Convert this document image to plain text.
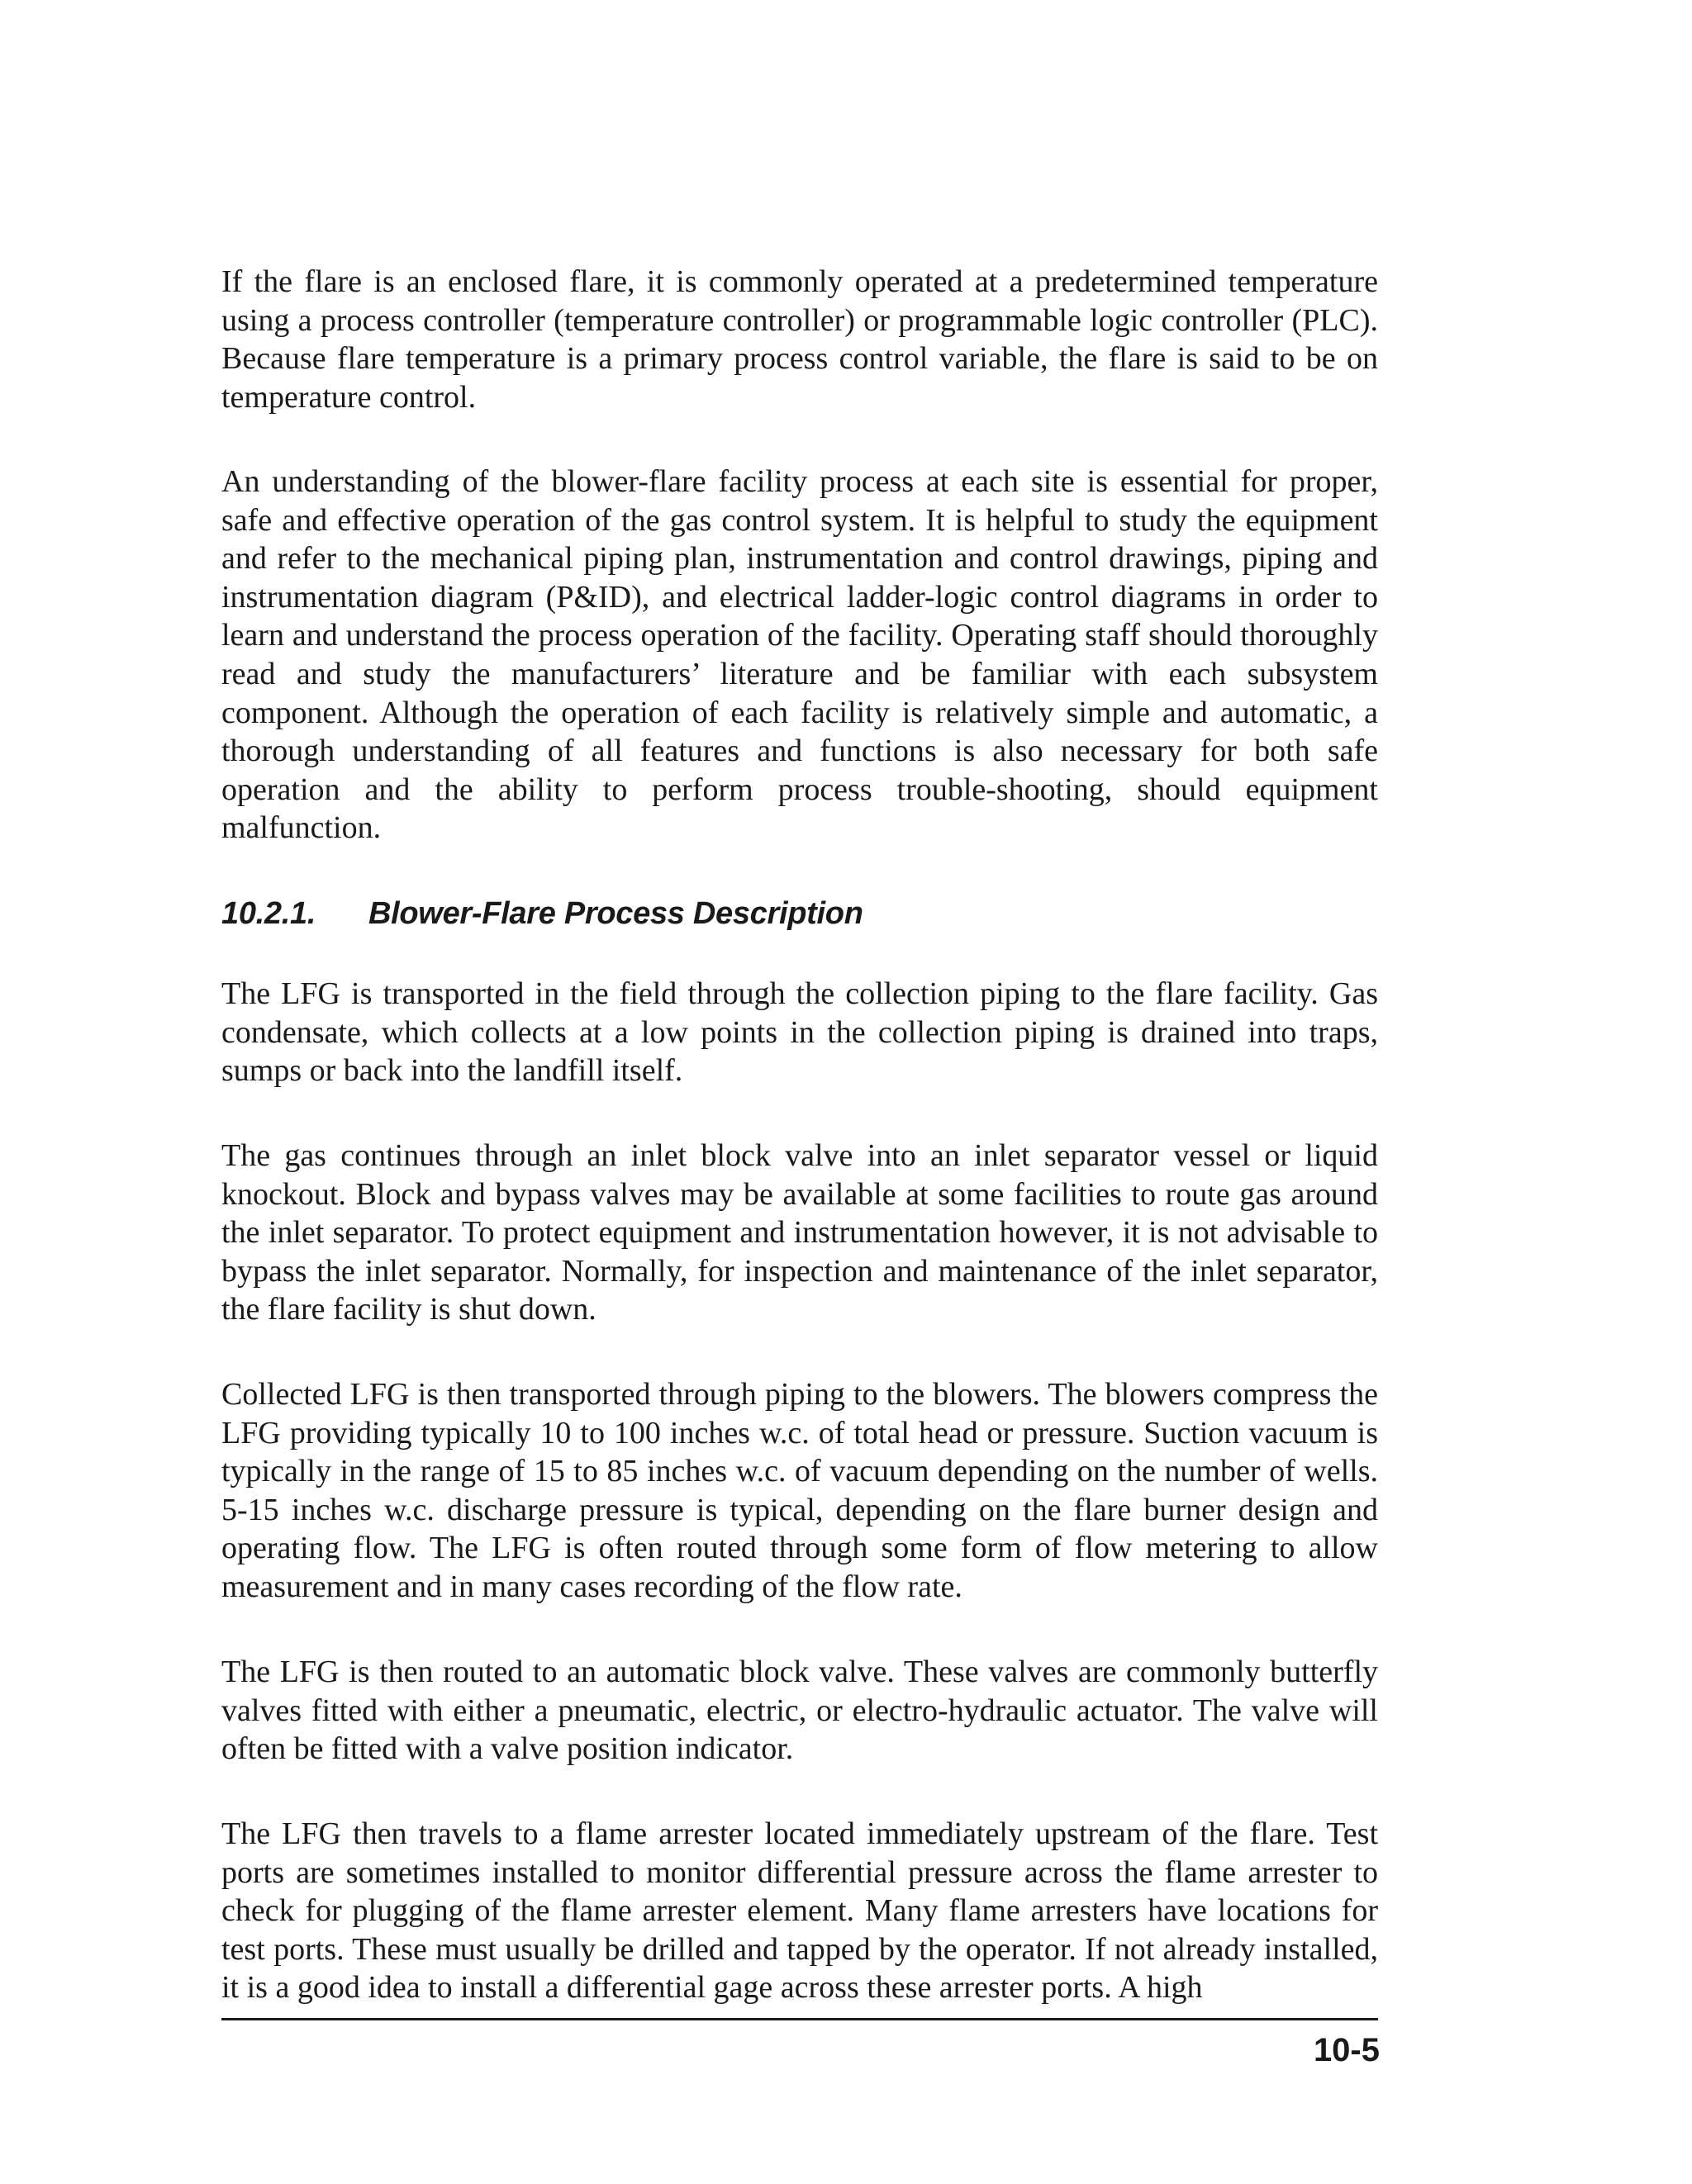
If the flare is an enclosed flare, it is commonly operated at a predetermined temperature using a process controller (temperature controller) or programmable logic controller (PLC). Because flare temperature is a primary process control variable, the flare is said to be on temperature control.

An understanding of the blower-flare facility process at each site is essential for proper, safe and effective operation of the gas control system. It is helpful to study the equipment and refer to the mechanical piping plan, instrumentation and control drawings, piping and instrumentation diagram (P&ID), and electrical ladder-logic control diagrams in order to learn and understand the process operation of the facility. Operating staff should thoroughly read and study the manufacturers’ literature and be familiar with each subsystem component. Although the operation of each facility is relatively simple and automatic, a thorough understanding of all features and functions is also necessary for both safe operation and the ability to perform process trouble-shooting, should equipment malfunction.

10.2.1. Blower-Flare Process Description

The LFG is transported in the field through the collection piping to the flare facility. Gas condensate, which collects at a low points in the collection piping is drained into traps, sumps or back into the landfill itself.

The gas continues through an inlet block valve into an inlet separator vessel or liquid knockout. Block and bypass valves may be available at some facilities to route gas around the inlet separator. To protect equipment and instrumentation however, it is not advisable to bypass the inlet separator. Normally, for inspection and maintenance of the inlet separator, the flare facility is shut down.

Collected LFG is then transported through piping to the blowers. The blowers compress the LFG providing typically 10 to 100 inches w.c. of total head or pressure. Suction vacuum is typically in the range of 15 to 85 inches w.c. of vacuum depending on the number of wells. 5-15 inches w.c. discharge pressure is typical, depending on the flare burner design and operating flow. The LFG is often routed through some form of flow metering to allow measurement and in many cases recording of the flow rate.

The LFG is then routed to an automatic block valve. These valves are commonly butterfly valves fitted with either a pneumatic, electric, or electro-hydraulic actuator. The valve will often be fitted with a valve position indicator.

The LFG then travels to a flame arrester located immediately upstream of the flare. Test ports are sometimes installed to monitor differential pressure across the flame arrester to check for plugging of the flame arrester element. Many flame arresters have locations for test ports. These must usually be drilled and tapped by the operator. If not already installed, it is a good idea to install a differential gage across these arrester ports. A high

10-5
